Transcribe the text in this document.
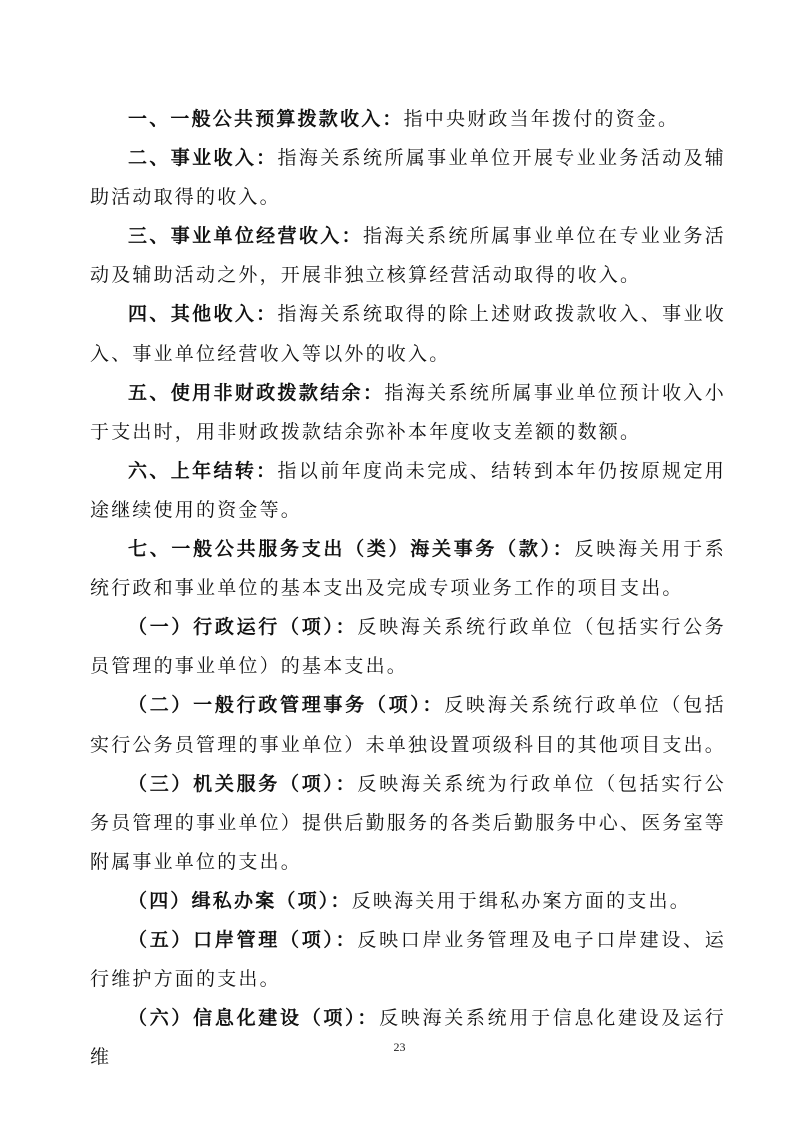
一、一般公共预算拨款收入：指中央财政当年拨付的资金。

二、事业收入：指海关系统所属事业单位开展专业业务活动及辅助活动取得的收入。

三、事业单位经营收入：指海关系统所属事业单位在专业业务活动及辅助活动之外，开展非独立核算经营活动取得的收入。

四、其他收入：指海关系统取得的除上述财政拨款收入、事业收入、事业单位经营收入等以外的收入。

五、使用非财政拨款结余：指海关系统所属事业单位预计收入小于支出时，用非财政拨款结余弥补本年度收支差额的数额。

六、上年结转：指以前年度尚未完成、结转到本年仍按原规定用途继续使用的资金等。

七、一般公共服务支出（类）海关事务（款）：反映海关用于系统行政和事业单位的基本支出及完成专项业务工作的项目支出。

（一）行政运行（项）：反映海关系统行政单位（包括实行公务员管理的事业单位）的基本支出。

（二）一般行政管理事务（项）：反映海关系统行政单位（包括实行公务员管理的事业单位）未单独设置项级科目的其他项目支出。

（三）机关服务（项）：反映海关系统为行政单位（包括实行公务员管理的事业单位）提供后勤服务的各类后勤服务中心、医务室等附属事业单位的支出。

（四）缉私办案（项）：反映海关用于缉私办案方面的支出。

（五）口岸管理（项）：反映口岸业务管理及电子口岸建设、运行维护方面的支出。

（六）信息化建设（项）：反映海关系统用于信息化建设及运行维	23
